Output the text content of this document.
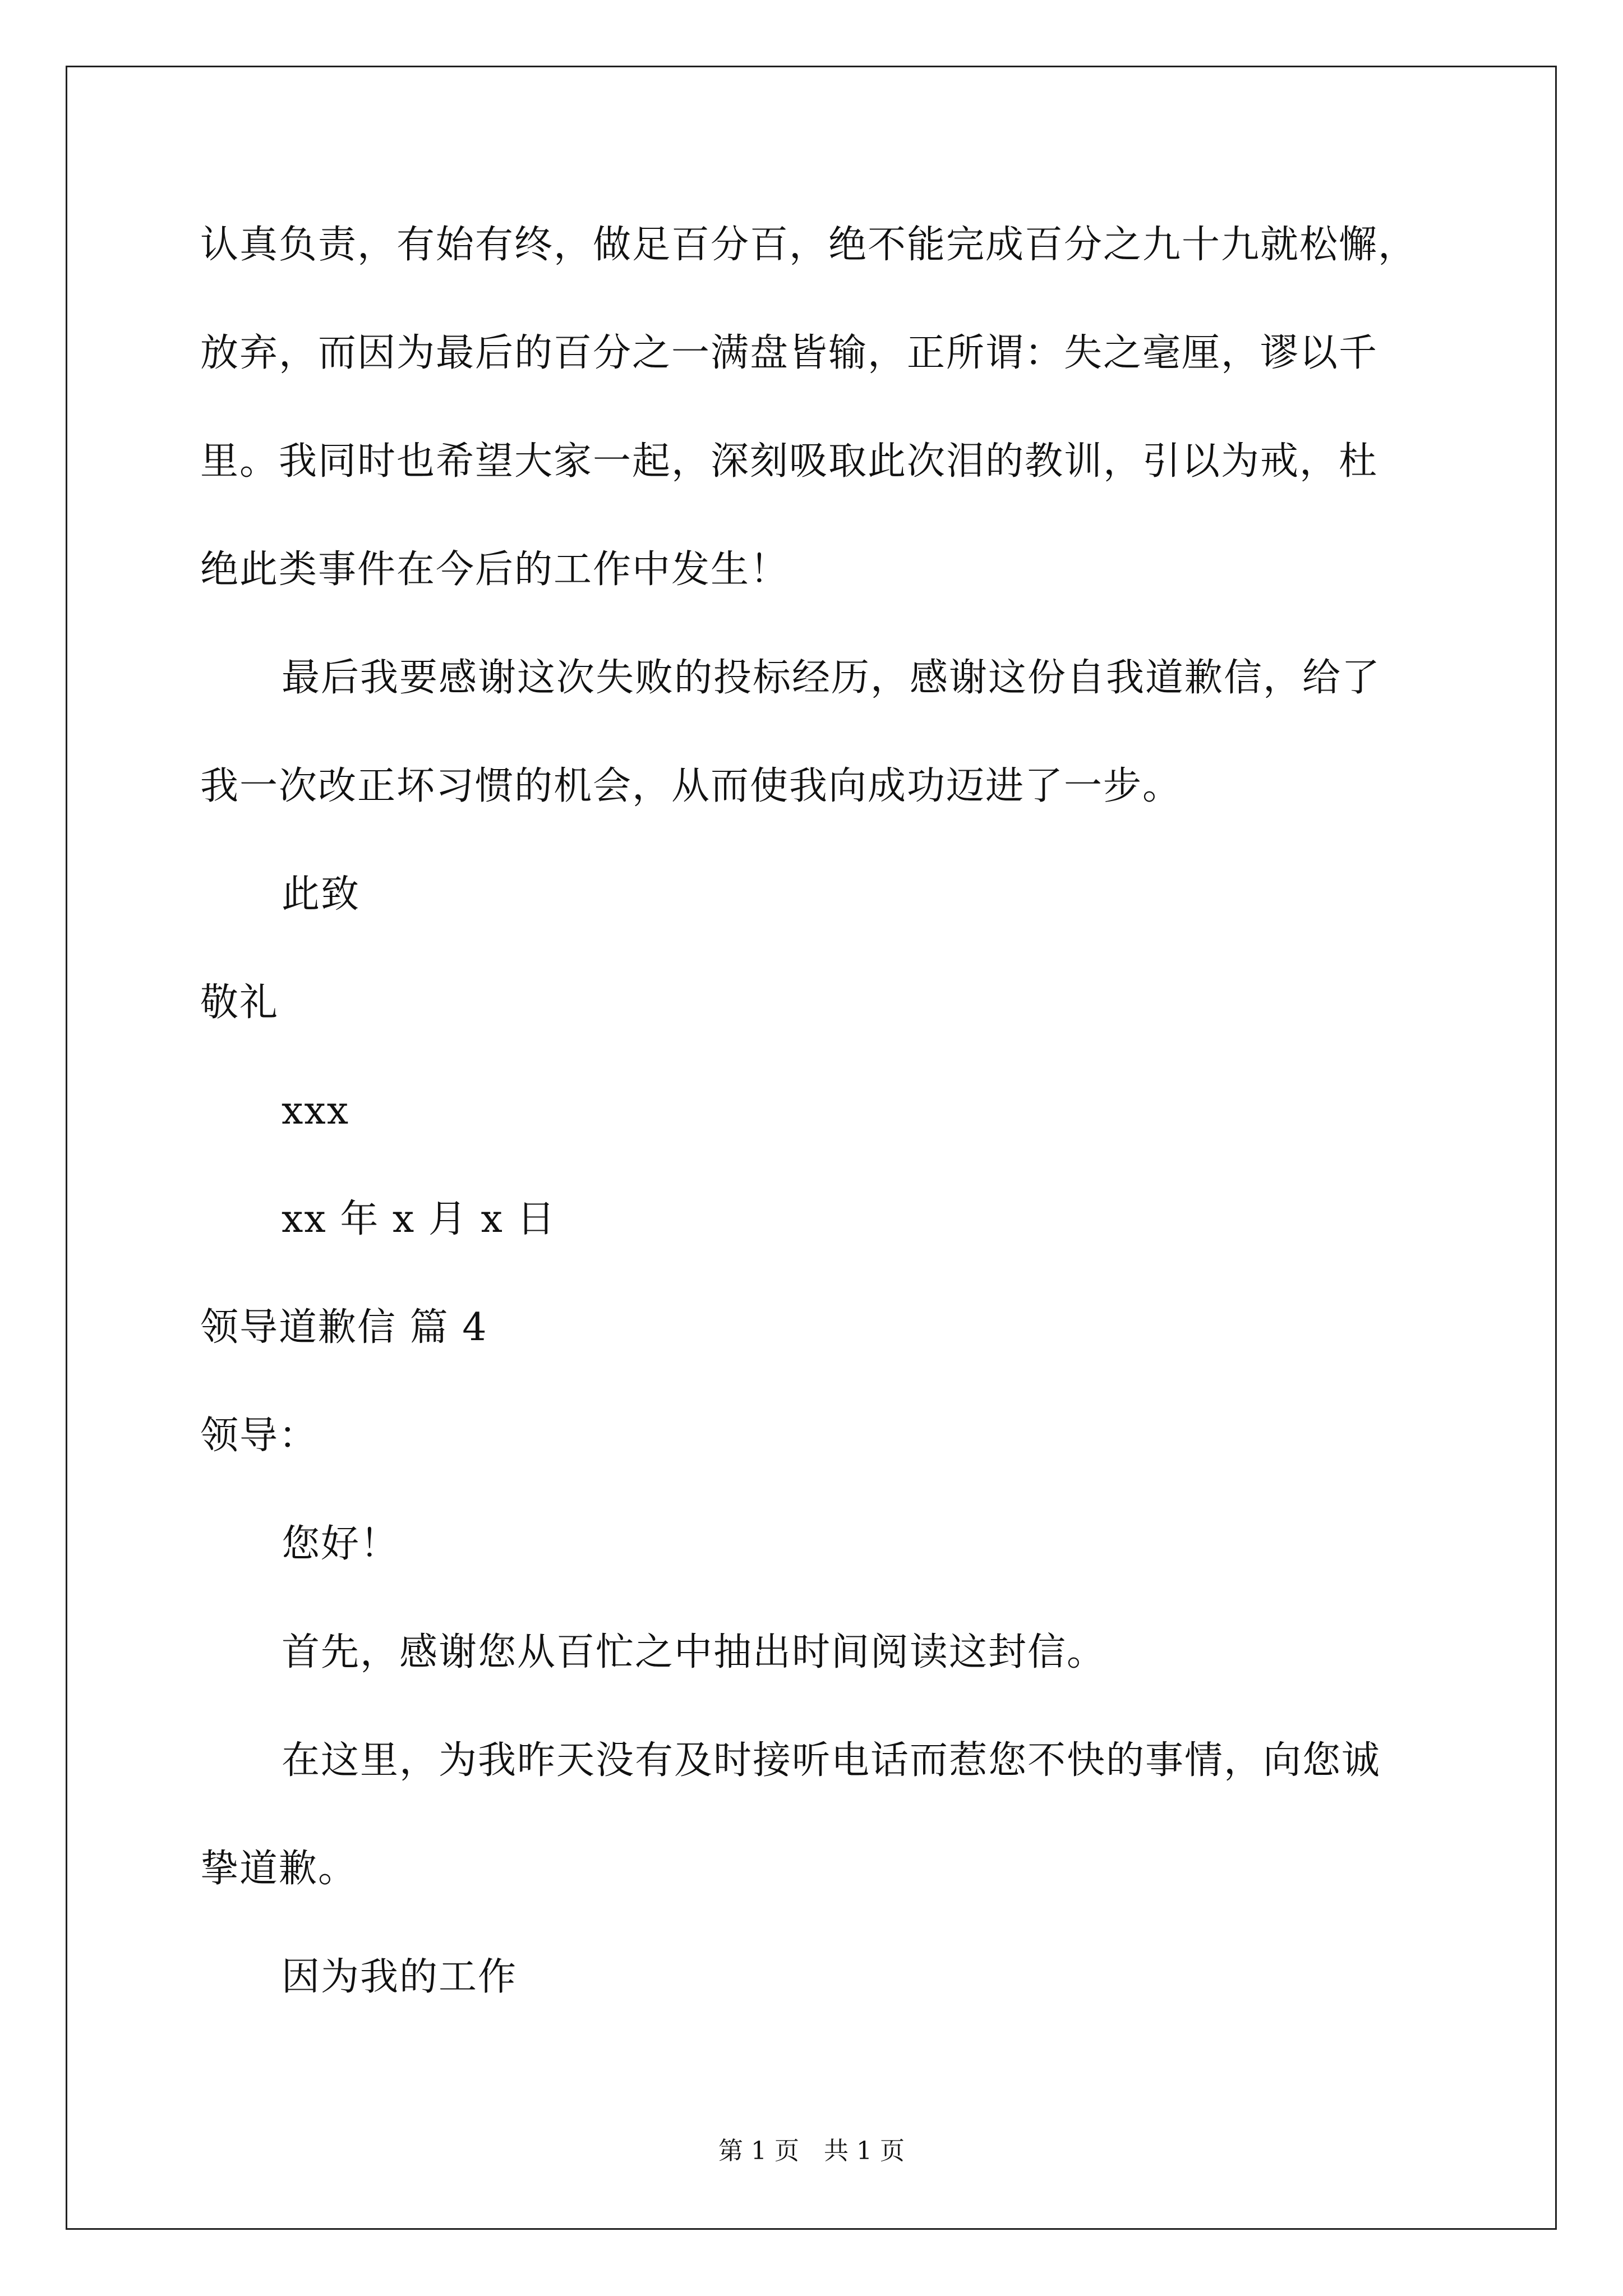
认真负责，有始有终，做足百分百，绝不能完成百分之九十九就松懈，
放弃，而因为最后的百分之一满盘皆输，正所谓：失之毫厘，谬以千
里。我同时也希望大家一起，深刻吸取此次泪的教训，引以为戒，杜
绝此类事件在今后的工作中发生！
最后我要感谢这次失败的投标经历，感谢这份自我道歉信，给了
我一次改正坏习惯的机会，从而使我向成功迈进了一步。
此致
敬礼
xxx
xx 年 x 月 x 日
领导道歉信 篇 4
领导：
您好！
首先，感谢您从百忙之中抽出时间阅读这封信。
在这里，为我昨天没有及时接听电话而惹您不快的事情，向您诚
挚道歉。
因为我的工作
第 1 页　共 1 页
